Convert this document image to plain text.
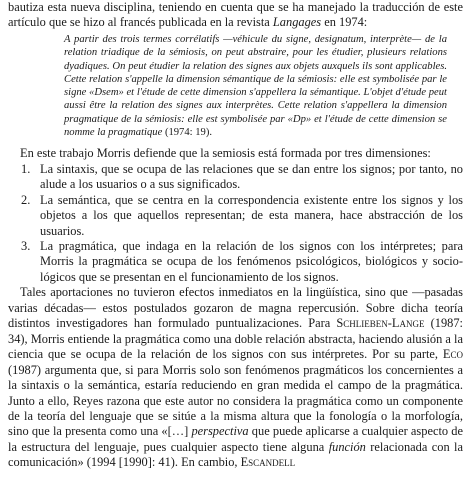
bautiza esta nueva disciplina, teniendo en cuenta que se ha manejado la traducción de este artículo que se hizo al francés publicada en la revista Langages en 1974:

A partir des trois termes corrélatifs —véhicule du signe, designatum, interprète— de la relation triadique de la sémiosis, on peut abstraire, pour les étudier, plusieurs relations dyadiques. On peut étudier la relation des signes aux objets auxquels ils sont applicables. Cette relation s'appelle la dimension sémantique de la sémiosis: elle est symbolisée par le signe «Dsem» et l'étude de cette dimension s'appellera la sémantique. L'objet d'étude peut aussi être la relation des signes aux interprètes. Cette relation s'appellera la dimension pragmatique de la sémiosis: elle est symbolisée par «Dp» et l'étude de cette dimension se nomme la pragmatique (1974: 19).

En este trabajo Morris defiende que la semiosis está formada por tres dimensiones:

1. La sintaxis, que se ocupa de las relaciones que se dan entre los signos; por tanto, no alude a los usuarios o a sus significados.
2. La semántica, que se centra en la correspondencia existente entre los signos y los objetos a los que aquellos representan; de esta manera, hace abstracción de los usuarios.
3. La pragmática, que indaga en la relación de los signos con los intérpretes; para Morris la pragmática se ocupa de los fenómenos psicológicos, biológicos y socio-lógicos que se presentan en el funcionamiento de los signos.

Tales aportaciones no tuvieron efectos inmediatos en la lingüística, sino que —pasadas varias décadas— estos postulados gozaron de magna repercusión. Sobre dicha teoría distintos investigadores han formulado puntualizaciones. Para Schlieben-Lange (1987: 34), Morris entiende la pragmática como una doble relación abstracta, haciendo alusión a la ciencia que se ocupa de la relación de los signos con sus intérpretes. Por su parte, Eco (1987) argumenta que, si para Morris solo son fenómenos pragmáticos los concernientes a la sintaxis o la semántica, estaría reduciendo en gran medida el campo de la pragmática. Junto a ello, Reyes razona que este autor no considera la pragmática como un componente de la teoría del lenguaje que se sitúe a la misma altura que la fonología o la morfología, sino que la presenta como una «[…] perspectiva que puede aplicarse a cualquier aspecto de la estructura del lenguaje, pues cualquier aspecto tiene alguna función relacionada con la comunicación» (1994 [1990]: 41). En cambio, Escandell
